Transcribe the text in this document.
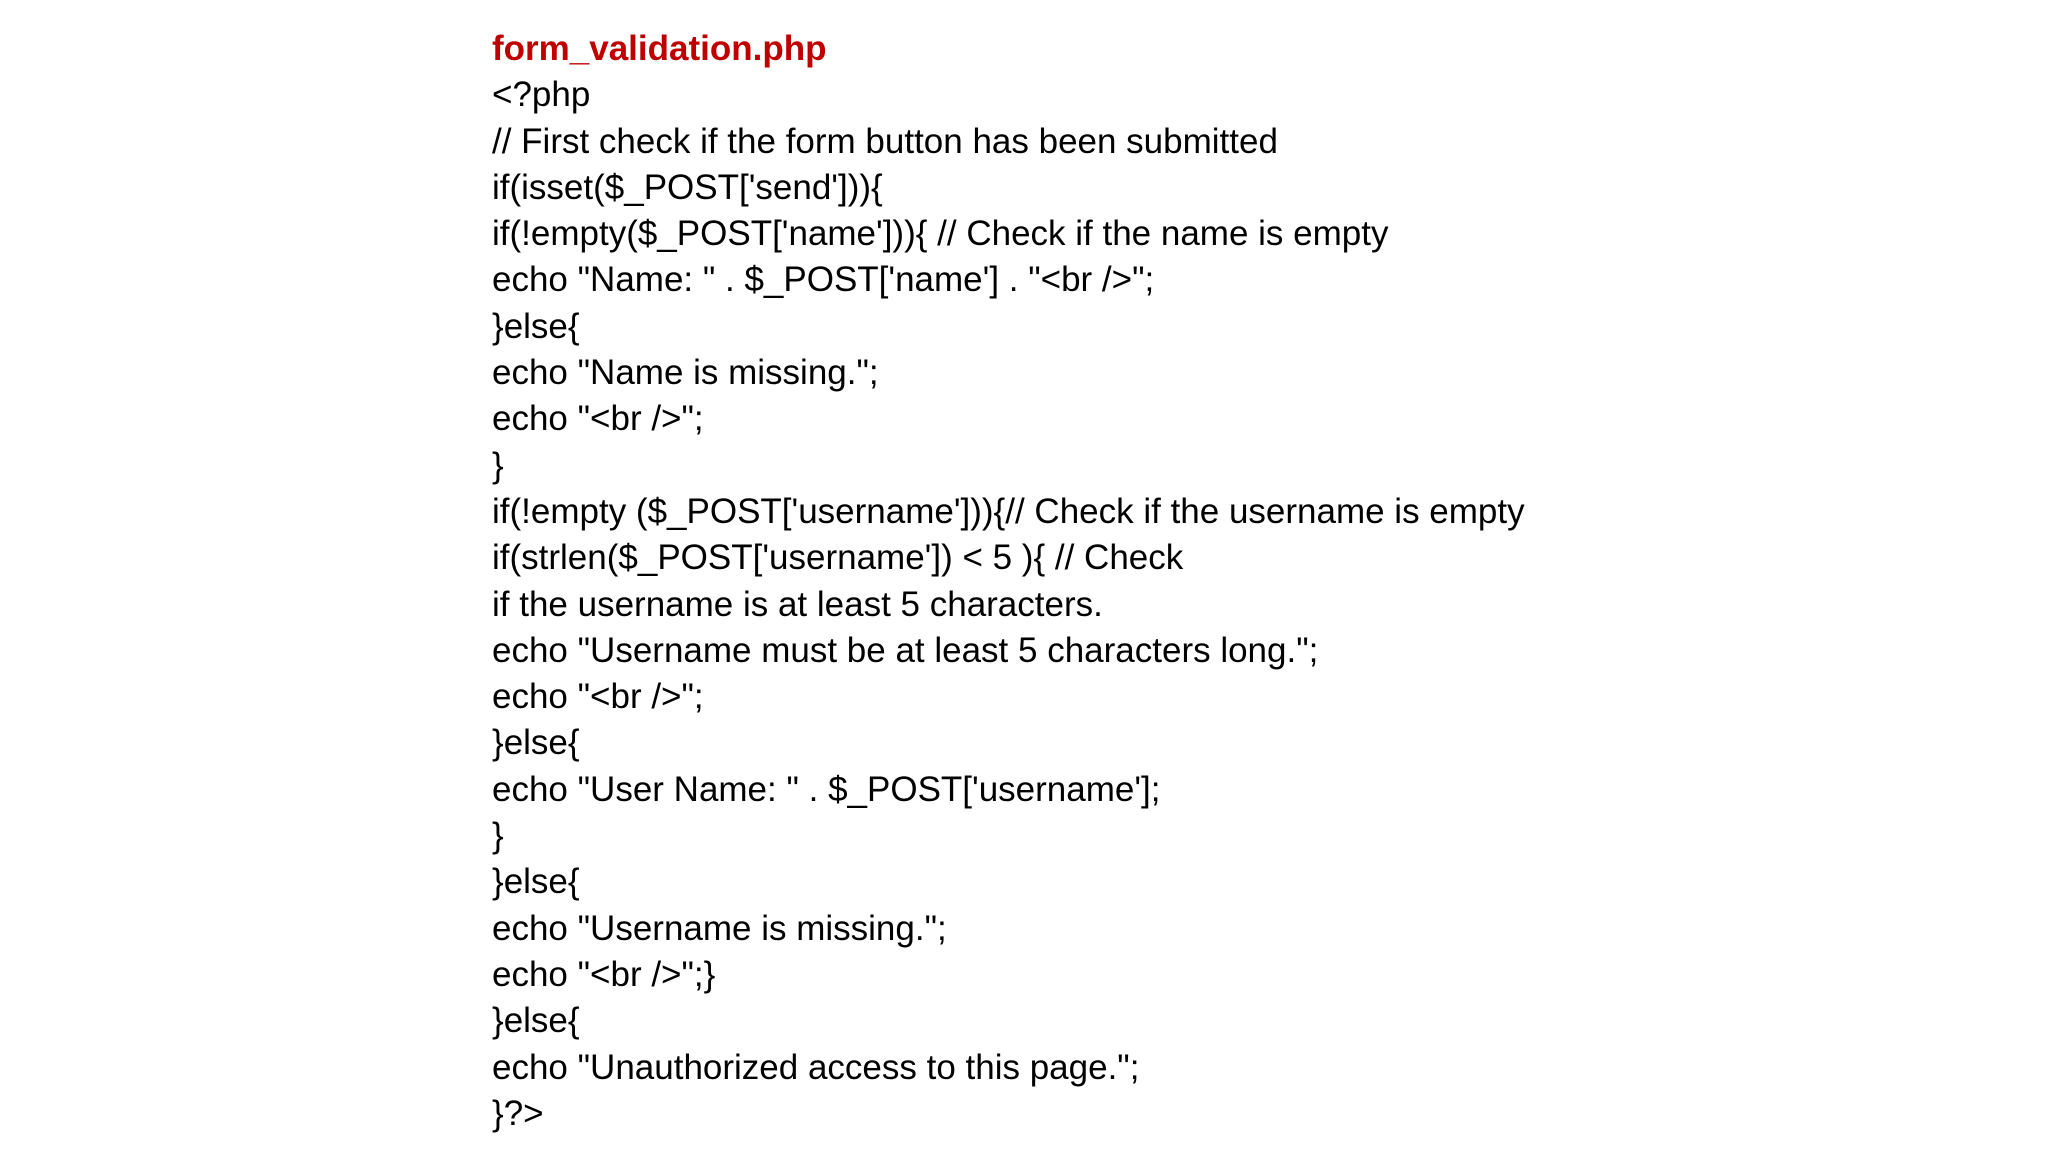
form_validation.php
<?php
// First check if the form button has been submitted
if(isset($_POST['send'])){
if(!empty($_POST['name'])){ // Check if the name is empty
echo "Name: " . $_POST['name'] . "<br />";
}else{
echo "Name is missing.";
echo "<br />";
}
if(!empty ($_POST['username'])){// Check if the username is empty
if(strlen($_POST['username']) < 5 ){ // Check
if the username is at least 5 characters.
echo "Username must be at least 5 characters long.";
echo "<br />";
}else{
echo "User Name: " . $_POST['username'];
}
}else{
echo "Username is missing.";
echo "<br />";}
}else{
echo "Unauthorized access to this page.";
}?>
